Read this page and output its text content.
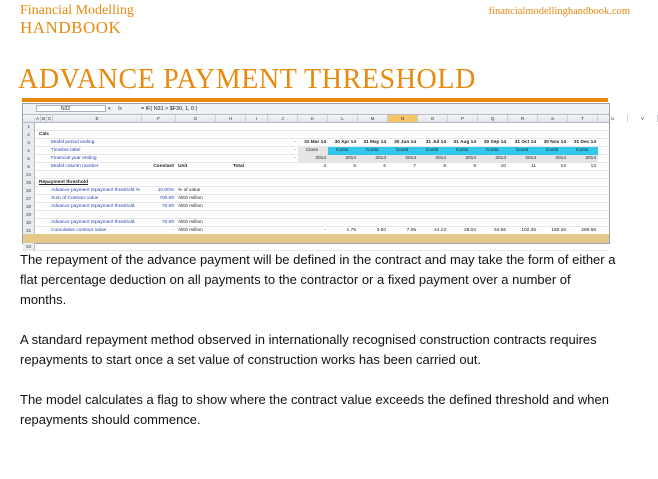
Financial Modelling
HANDBOOK
financialmodellinghandbook.com
ADVANCE PAYMENT THRESHOLD
N32	▾ fx	= IF( N31 > $F30, 1, 0 )
A B C	E	F	G	H	I	J	K	L	M	N	O	P	Q	R	S	T	U	V
1
2	Calc
3	Model period ending	-	31 Mar 14	30 Apr 14	31 May 14	30 Jun 14	31 Jul 14	31 Aug 14	30 Sep 14	31 Oct 14	30 Nov 14	31 Dec 14
4	Timeline label	-	Close	Const	Const	Const	Const	Const	Const	Const	Const	Const
5	Financial year ending	-	2014	2014	2014	2014	2014	2014	2014	2014	2014	2014
6	Model column number	Constant Unit	Total	4	5	6	7	8	9	10	11	12	13
24
25	Repayment threshold
26	Advance payment repayment threshold %	10.00% % of value
27	Sum of Contract value	700.00 AED million
28	Advance payment repayment threshold	70.00 AED million
29
30	Advance payment repayment threshold	70.00 AED million
31	Cumulative contract value	- AED million	-	1.75	3.50	7.05	14.13	28.04	54.56	102.35	180.26	288.66
33

The repayment of the advance payment will be defined in the contract and may take the form of either a flat percentage deduction on all payments to the contractor or a fixed payment over a number of months.

A standard repayment method observed in internationally recognised construction contracts requires repayments to start once a set value of construction works has been carried out.

The model calculates a flag to show where the contract value exceeds the defined threshold and when repayments should commence.
